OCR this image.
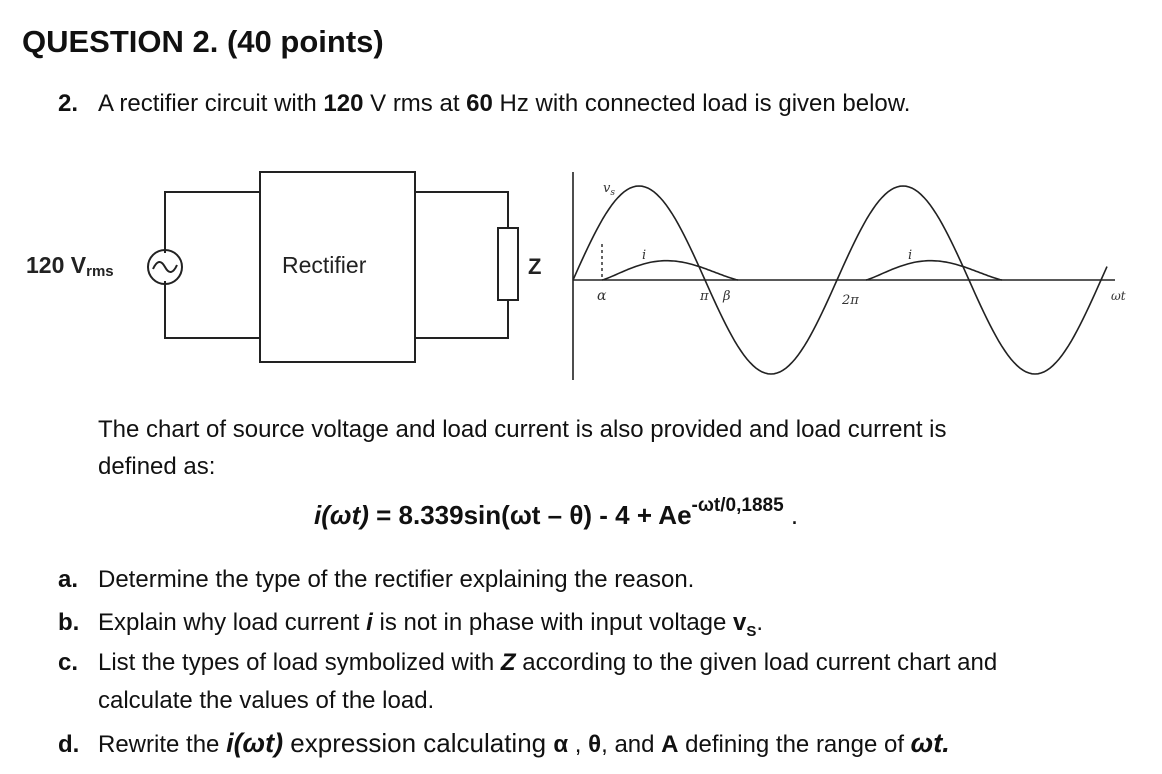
QUESTION 2. (40 points)
2. A rectifier circuit with 120 V rms at 60 Hz with connected load is given below.
120 Vrms	Rectifier	Z
$v_s$
i	i
α	π β	2π	ωt
The chart of source voltage and load current is also provided and load current is
defined as:
$i(\omega t) = 8.339\sin(\omega t - \theta) - 4 + Ae^{-\omega t/0,1885}$ .
a. Determine the type of the rectifier explaining the reason.
b. Explain why load current i is not in phase with input voltage $v_S$.
c. List the types of load symbolized with Z according to the given load current chart and
calculate the values of the load.
d. Rewrite the i(ωt) expression calculating α , θ, and A defining the range of ωt.
